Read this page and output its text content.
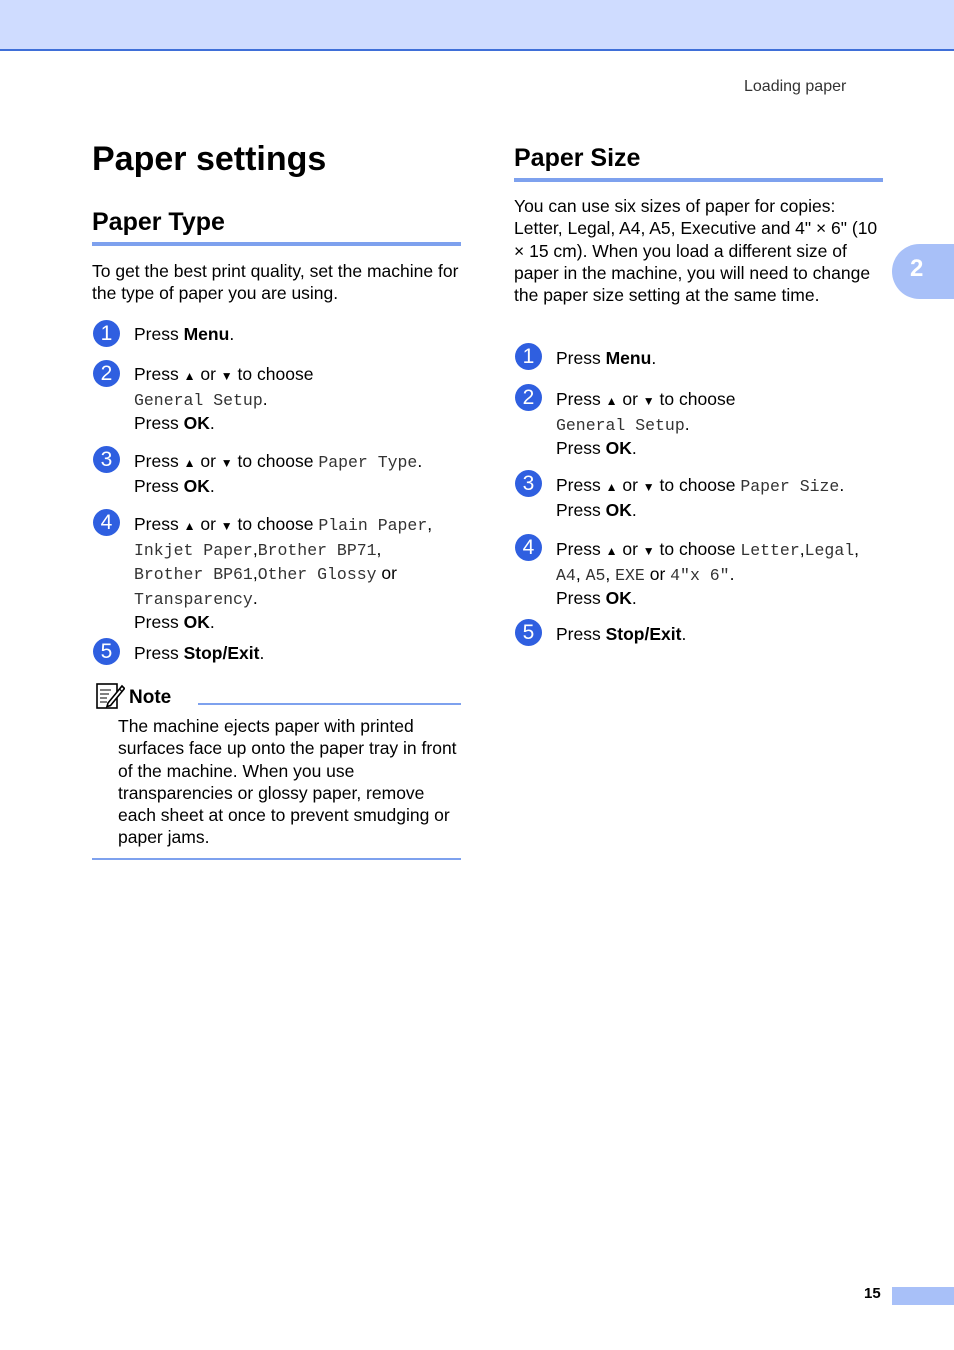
Loading paper
2
Paper settings
Paper Type

To get the best print quality, set the machine for the type of paper you are using.

1	Press Menu.
2	Press ▲ or ▼ to choose
General Setup.
Press OK.
3	Press ▲ or ▼ to choose Paper Type.
Press OK.
4	Press ▲ or ▼ to choose Plain Paper,
Inkjet Paper,Brother BP71,
Brother BP61,Other Glossy or
Transparency.
Press OK.
5	Press Stop/Exit.
Note

The machine ejects paper with printed surfaces face up onto the paper tray in front of the machine. When you use transparencies or glossy paper, remove each sheet at once to prevent smudging or paper jams.

Paper Size

You can use six sizes of paper for copies: Letter, Legal, A4, A5, Executive and 4" × 6" (10 × 15 cm). When you load a different size of paper in the machine, you will need to change the paper size setting at the same time.

1	Press Menu.
2	Press ▲ or ▼ to choose
General Setup.
Press OK.
3	Press ▲ or ▼ to choose Paper Size.
Press OK.
4	Press ▲ or ▼ to choose Letter,Legal,
A4, A5, EXE or 4"x 6".
Press OK.
5	Press Stop/Exit.
15
